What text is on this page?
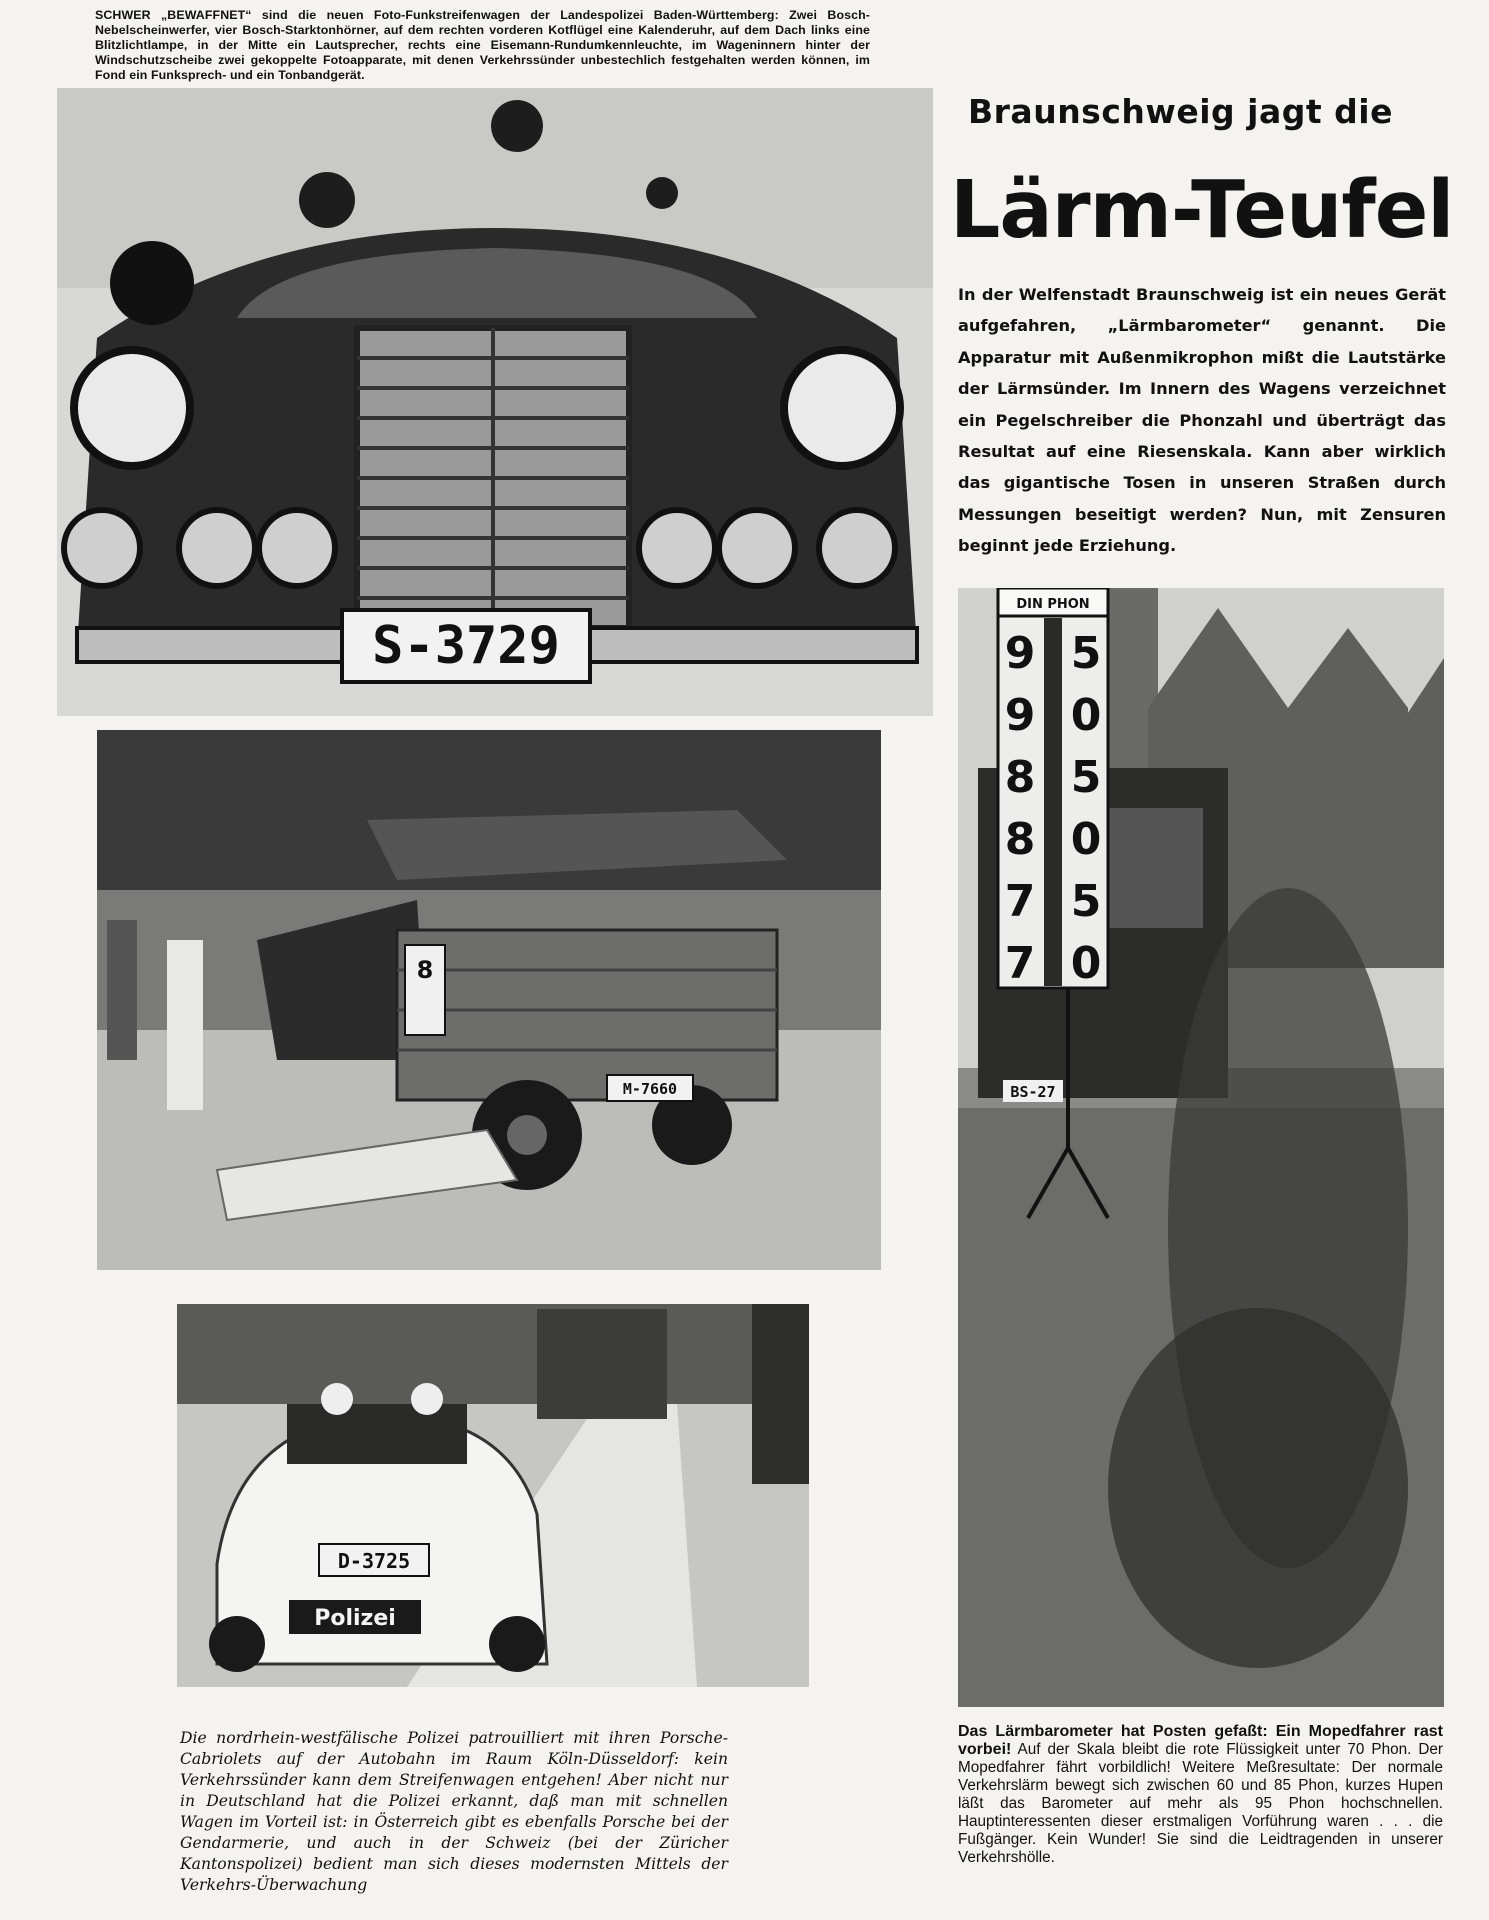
SCHWER „BEWAFFNET“ sind die neuen Foto-Funkstreifenwagen der Landespolizei Baden-Württemberg: Zwei Bosch-Nebelscheinwerfer, vier Bosch-Starktonhörner, auf dem rechten vorderen Kotflügel eine Kalenderuhr, auf dem Dach links eine Blitzlichtlampe, in der Mitte ein Lautsprecher, rechts eine Eisemann-Rundumkennleuchte, im Wageninnern hinter der Windschutzscheibe zwei gekoppelte Fotoapparate, mit denen Verkehrssünder unbestechlich festgehalten werden können, im Fond ein Funksprech- und ein Tonbandgerät.
Braunschweig jagt die
Lärm-Teufel
In der Welfenstadt Braunschweig ist ein neues Gerät aufgefahren, „Lärmbarometer“ genannt. Die Apparatur mit Außenmikrophon mißt die Lautstärke der Lärmsünder. Im Innern des Wagens verzeichnet ein Pegelschreiber die Phonzahl und überträgt das Resultat auf eine Riesenskala. Kann aber wirklich das gigantische Tosen in unseren Straßen durch Messungen beseitigt werden? Nun, mit Zensuren beginnt jede Erziehung.
S-3729
8
M-7660
D-3725
Polizei
BS-27
DIN PHON
9
9
8
8
7
7
5
0
5
0
5
0
Die nordrhein-westfälische Polizei patrouilliert mit ihren Porsche-Cabriolets auf der Autobahn im Raum Köln-Düsseldorf: kein Verkehrssünder kann dem Streifenwagen entgehen! Aber nicht nur in Deutschland hat die Polizei erkannt, daß man mit schnellen Wagen im Vorteil ist: in Österreich gibt es ebenfalls Porsche bei der Gendarmerie, und auch in der Schweiz (bei der Züricher Kantonspolizei) bedient man sich dieses modernsten Mittels der Verkehrs-Überwachung
Das Lärmbarometer hat Posten gefaßt: Ein Mopedfahrer rast vorbei! Auf der Skala bleibt die rote Flüssigkeit unter 70 Phon. Der Mopedfahrer fährt vorbildlich! Weitere Meßresultate: Der normale Verkehrslärm bewegt sich zwischen 60 und 85 Phon, kurzes Hupen läßt das Barometer auf mehr als 95 Phon hochschnellen. Hauptinteressenten dieser erstmaligen Vorführung waren . . . die Fußgänger. Kein Wunder! Sie sind die Leidtragenden in unserer Verkehrshölle.
